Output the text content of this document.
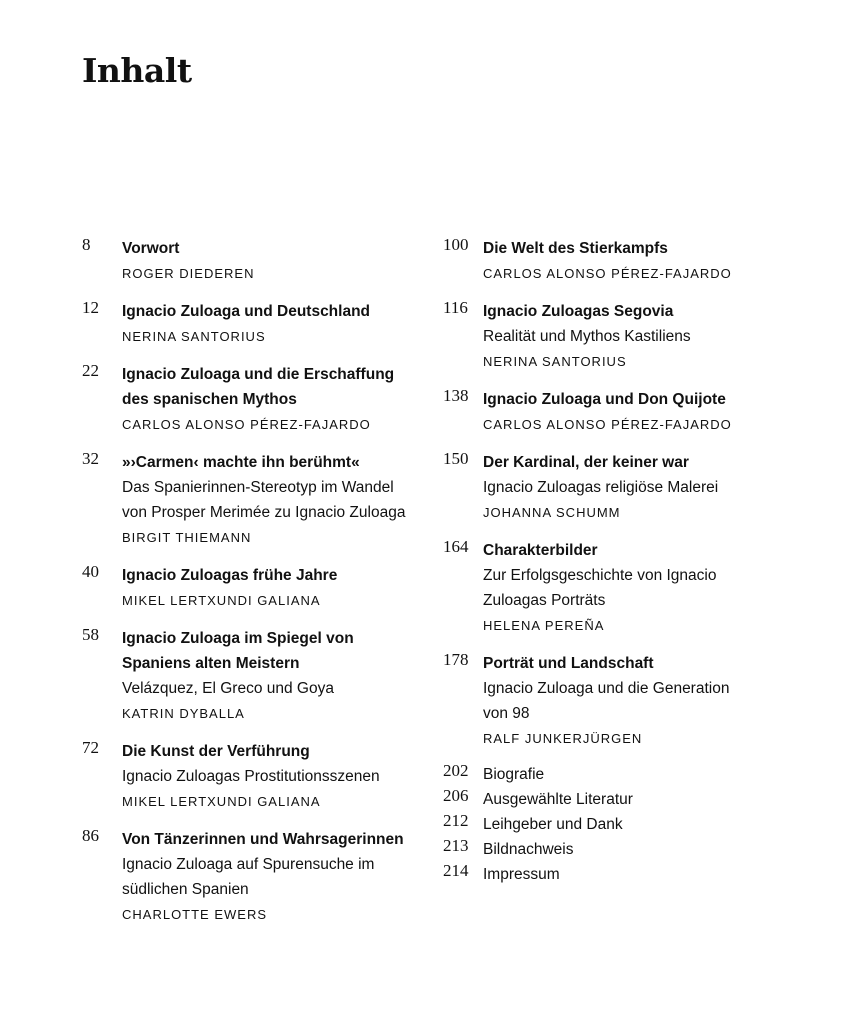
Inhalt
8 Vorwort
ROGER DIEDEREN
12 Ignacio Zuloaga und Deutschland
NERINA SANTORIUS
22 Ignacio Zuloaga und die Erschaffung
des spanischen Mythos
CARLOS ALONSO PÉREZ-FAJARDO
32 »›Carmen‹ machte ihn berühmt«
Das Spanierinnen-Stereotyp im Wandel
von Prosper Merimée zu Ignacio Zuloaga
BIRGIT THIEMANN
40 Ignacio Zuloagas frühe Jahre
MIKEL LERTXUNDI GALIANA
58 Ignacio Zuloaga im Spiegel von
Spaniens alten Meistern
Velázquez, El Greco und Goya
KATRIN DYBALLA
72 Die Kunst der Verführung
Ignacio Zuloagas Prostitutionsszenen
MIKEL LERTXUNDI GALIANA
86 Von Tänzerinnen und Wahrsagerinnen
Ignacio Zuloaga auf Spurensuche im
südlichen Spanien
CHARLOTTE EWERS
100 Die Welt des Stierkampfs
CARLOS ALONSO PÉREZ-FAJARDO
116 Ignacio Zuloagas Segovia
Realität und Mythos Kastiliens
NERINA SANTORIUS
138 Ignacio Zuloaga und Don Quijote
CARLOS ALONSO PÉREZ-FAJARDO
150 Der Kardinal, der keiner war
Ignacio Zuloagas religiöse Malerei
JOHANNA SCHUMM
164 Charakterbilder
Zur Erfolgsgeschichte von Ignacio
Zuloagas Porträts
HELENA PEREÑA
178 Porträt und Landschaft
Ignacio Zuloaga und die Generation
von 98
RALF JUNKERJÜRGEN
202 Biografie
206 Ausgewählte Literatur
212 Leihgeber und Dank
213 Bildnachweis
214 Impressum
